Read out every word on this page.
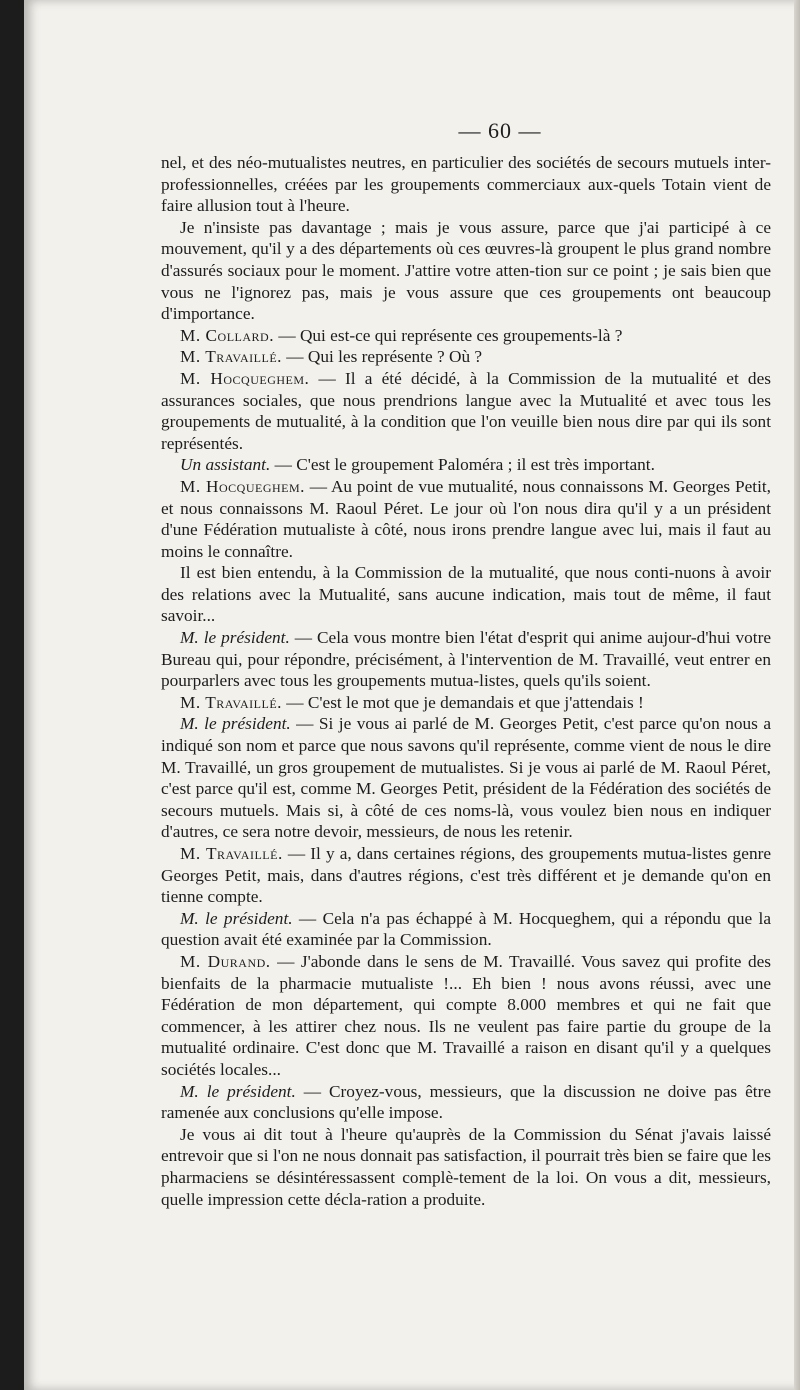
— 60 —

nel, et des néo-mutualistes neutres, en particulier des sociétés de secours mutuels inter-professionnelles, créées par les groupements commerciaux aux-quels Totain vient de faire allusion tout à l'heure.

Je n'insiste pas davantage ; mais je vous assure, parce que j'ai participé à ce mouvement, qu'il y a des départements où ces œuvres-là groupent le plus grand nombre d'assurés sociaux pour le moment. J'attire votre atten-tion sur ce point ; je sais bien que vous ne l'ignorez pas, mais je vous assure que ces groupements ont beaucoup d'importance.

M. Collard. — Qui est-ce qui représente ces groupements-là ?

M. Travaillé. — Qui les représente ? Où ?

M. Hocqueghem. — Il a été décidé, à la Commission de la mutualité et des assurances sociales, que nous prendrions langue avec la Mutualité et avec tous les groupements de mutualité, à la condition que l'on veuille bien nous dire par qui ils sont représentés.

Un assistant. — C'est le groupement Paloméra ; il est très important.

M. Hocqueghem. — Au point de vue mutualité, nous connaissons M. Georges Petit, et nous connaissons M. Raoul Péret. Le jour où l'on nous dira qu'il y a un président d'une Fédération mutualiste à côté, nous irons prendre langue avec lui, mais il faut au moins le connaître.

Il est bien entendu, à la Commission de la mutualité, que nous conti-nuons à avoir des relations avec la Mutualité, sans aucune indication, mais tout de même, il faut savoir...

M. le président. — Cela vous montre bien l'état d'esprit qui anime aujour-d'hui votre Bureau qui, pour répondre, précisément, à l'intervention de M. Travaillé, veut entrer en pourparlers avec tous les groupements mutua-listes, quels qu'ils soient.

M. Travaillé. — C'est le mot que je demandais et que j'attendais !

M. le président. — Si je vous ai parlé de M. Georges Petit, c'est parce qu'on nous a indiqué son nom et parce que nous savons qu'il représente, comme vient de nous le dire M. Travaillé, un gros groupement de mutualistes. Si je vous ai parlé de M. Raoul Péret, c'est parce qu'il est, comme M. Georges Petit, président de la Fédération des sociétés de secours mutuels. Mais si, à côté de ces noms-là, vous voulez bien nous en indiquer d'autres, ce sera notre devoir, messieurs, de nous les retenir.

M. Travaillé. — Il y a, dans certaines régions, des groupements mutua-listes genre Georges Petit, mais, dans d'autres régions, c'est très différent et je demande qu'on en tienne compte.

M. le président. — Cela n'a pas échappé à M. Hocqueghem, qui a répondu que la question avait été examinée par la Commission.

M. Durand. — J'abonde dans le sens de M. Travaillé. Vous savez qui profite des bienfaits de la pharmacie mutualiste !... Eh bien ! nous avons réussi, avec une Fédération de mon département, qui compte 8.000 membres et qui ne fait que commencer, à les attirer chez nous. Ils ne veulent pas faire partie du groupe de la mutualité ordinaire. C'est donc que M. Travaillé a raison en disant qu'il y a quelques sociétés locales...

M. le président. — Croyez-vous, messieurs, que la discussion ne doive pas être ramenée aux conclusions qu'elle impose.

Je vous ai dit tout à l'heure qu'auprès de la Commission du Sénat j'avais laissé entrevoir que si l'on ne nous donnait pas satisfaction, il pourrait très bien se faire que les pharmaciens se désintéressassent complè-tement de la loi. On vous a dit, messieurs, quelle impression cette décla-ration a produite.
